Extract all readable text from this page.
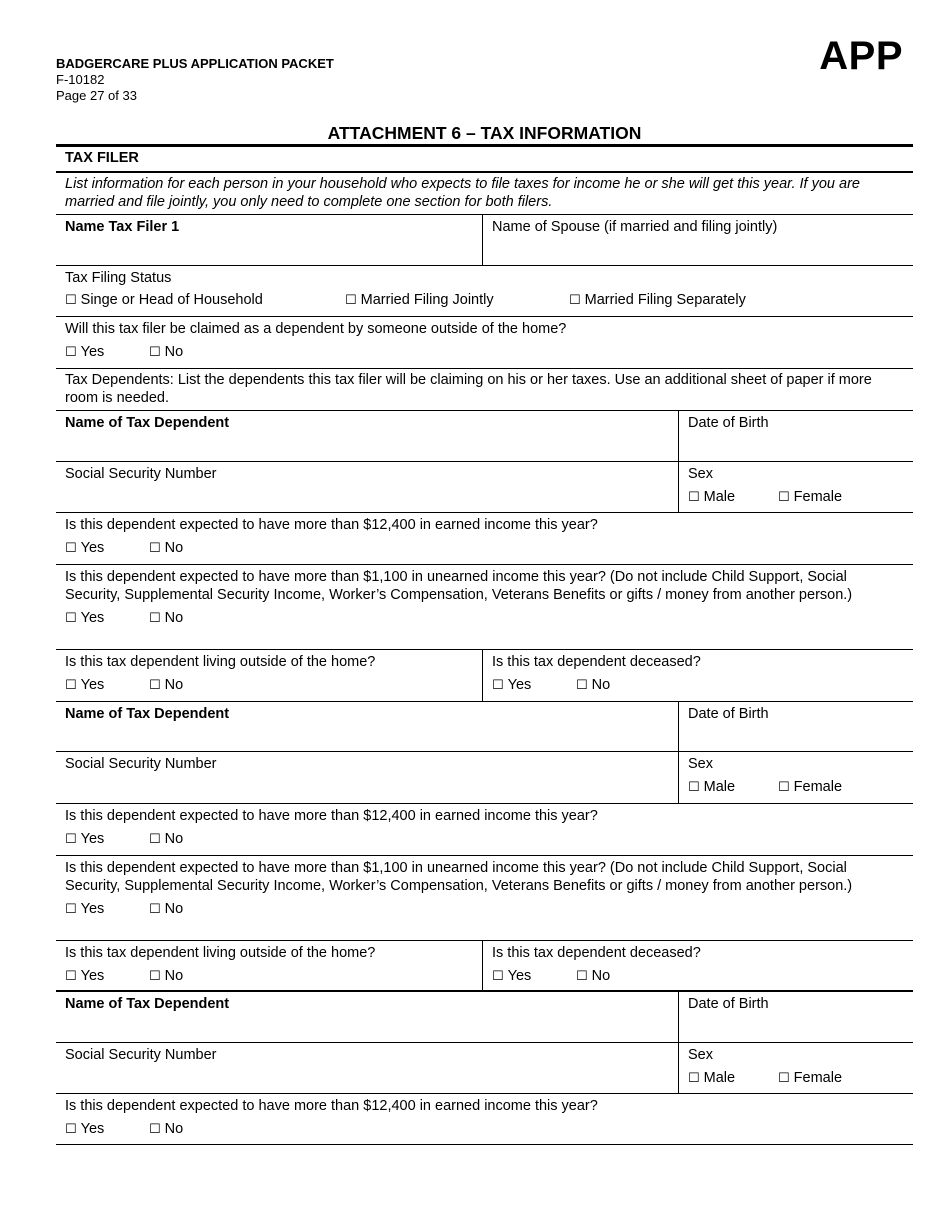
BADGERCARE PLUS APPLICATION PACKET
F-10182
Page 27 of 33
APP
ATTACHMENT 6 – TAX INFORMATION
TAX FILER
List information for each person in your household who expects to file taxes for income he or she will get this year. If you are married and file jointly, you only need to complete one section for both filers.
Name Tax Filer 1	Name of Spouse (if married and filing jointly)
Tax Filing Status
☐ Singe or Head of Household	☐ Married Filing Jointly	☐ Married Filing Separately
Will this tax filer be claimed as a dependent by someone outside of the home?
☐ Yes	☐ No
Tax Dependents: List the dependents this tax filer will be claiming on his or her taxes. Use an additional sheet of paper if more room is needed.
Name of Tax Dependent	Date of Birth
Social Security Number	Sex
☐ Male	☐ Female
Is this dependent expected to have more than $12,400 in earned income this year?
☐ Yes	☐ No
Is this dependent expected to have more than $1,100 in unearned income this year? (Do not include Child Support, Social Security, Supplemental Security Income, Worker’s Compensation, Veterans Benefits or gifts / money from another person.)
☐ Yes	☐ No
Is this tax dependent living outside of the home?
☐ Yes	☐ No
Is this tax dependent deceased?
☐ Yes	☐ No
Name of Tax Dependent	Date of Birth
Social Security Number	Sex
☐ Male	☐ Female
Is this dependent expected to have more than $12,400 in earned income this year?
☐ Yes	☐ No
Is this dependent expected to have more than $1,100 in unearned income this year? (Do not include Child Support, Social Security, Supplemental Security Income, Worker’s Compensation, Veterans Benefits or gifts / money from another person.)
☐ Yes	☐ No
Is this tax dependent living outside of the home?
☐ Yes	☐ No
Is this tax dependent deceased?
☐ Yes	☐ No
Name of Tax Dependent	Date of Birth
Social Security Number	Sex
☐ Male	☐ Female
Is this dependent expected to have more than $12,400 in earned income this year?
☐ Yes	☐ No
